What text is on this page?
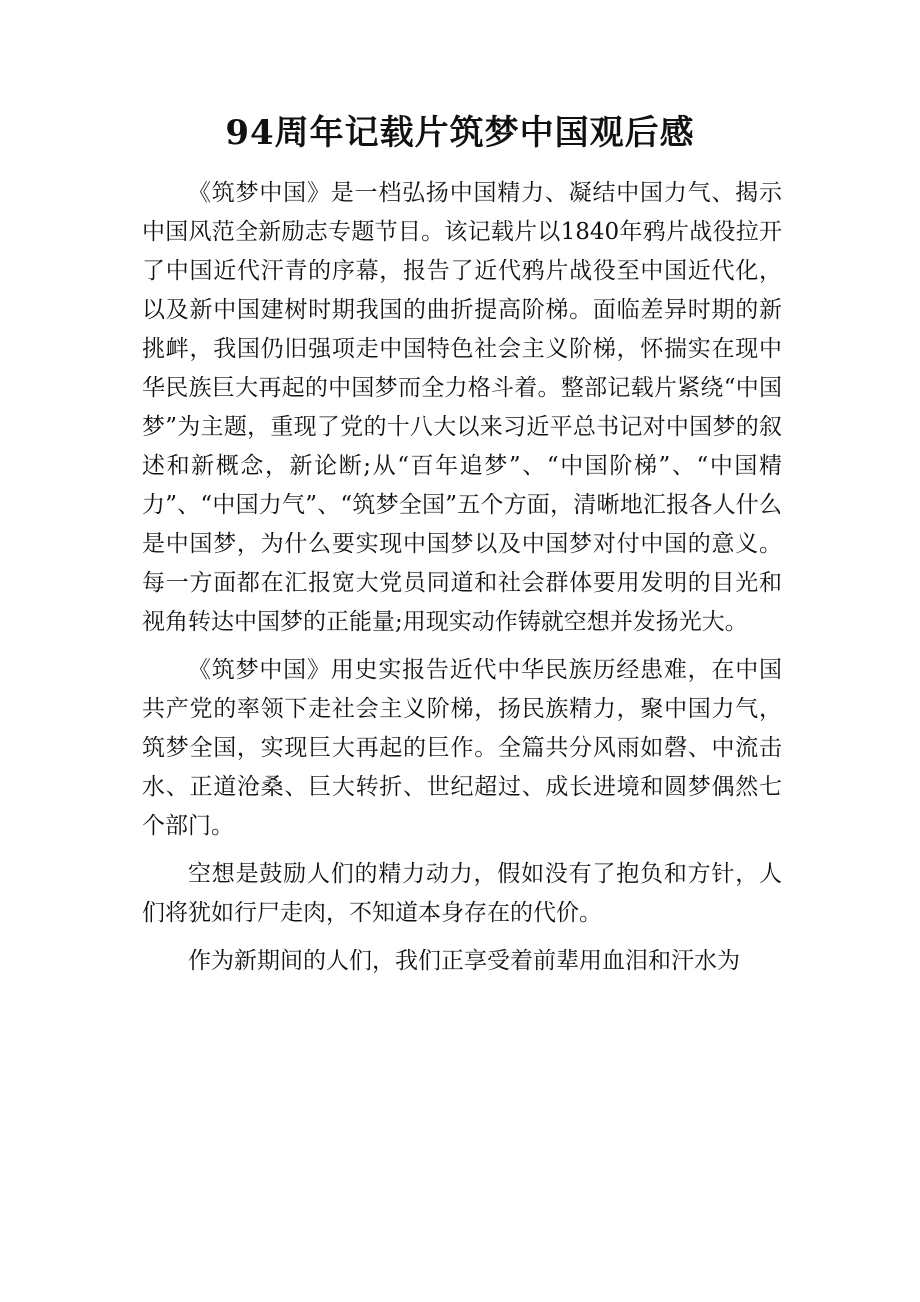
94周年记载片筑梦中国观后感

《筑梦中国》是一档弘扬中国精力、凝结中国力气、揭示中国风范全新励志专题节目。该记载片以1840年鸦片战役拉开了中国近代汗青的序幕，报告了近代鸦片战役至中国近代化，以及新中国建树时期我国的曲折提高阶梯。面临差异时期的新挑衅，我国仍旧强项走中国特色社会主义阶梯，怀揣实在现中华民族巨大再起的中国梦而全力格斗着。整部记载片紧绕“中国梦”为主题，重现了党的十八大以来习近平总书记对中国梦的叙述和新概念，新论断;从“百年追梦”、“中国阶梯”、“中国精力”、“中国力气”、“筑梦全国”五个方面，清晰地汇报各人什么是中国梦，为什么要实现中国梦以及中国梦对付中国的意义。每一方面都在汇报宽大党员同道和社会群体要用发明的目光和视角转达中国梦的正能量;用现实动作铸就空想并发扬光大。

《筑梦中国》用史实报告近代中华民族历经患难，在中国共产党的率领下走社会主义阶梯，扬民族精力，聚中国力气，筑梦全国，实现巨大再起的巨作。全篇共分风雨如磬、中流击水、正道沧桑、巨大转折、世纪超过、成长进境和圆梦偶然七个部门。

空想是鼓励人们的精力动力，假如没有了抱负和方针，人们将犹如行尸走肉，不知道本身存在的代价。

作为新期间的人们，我们正享受着前辈用血泪和汗水为
